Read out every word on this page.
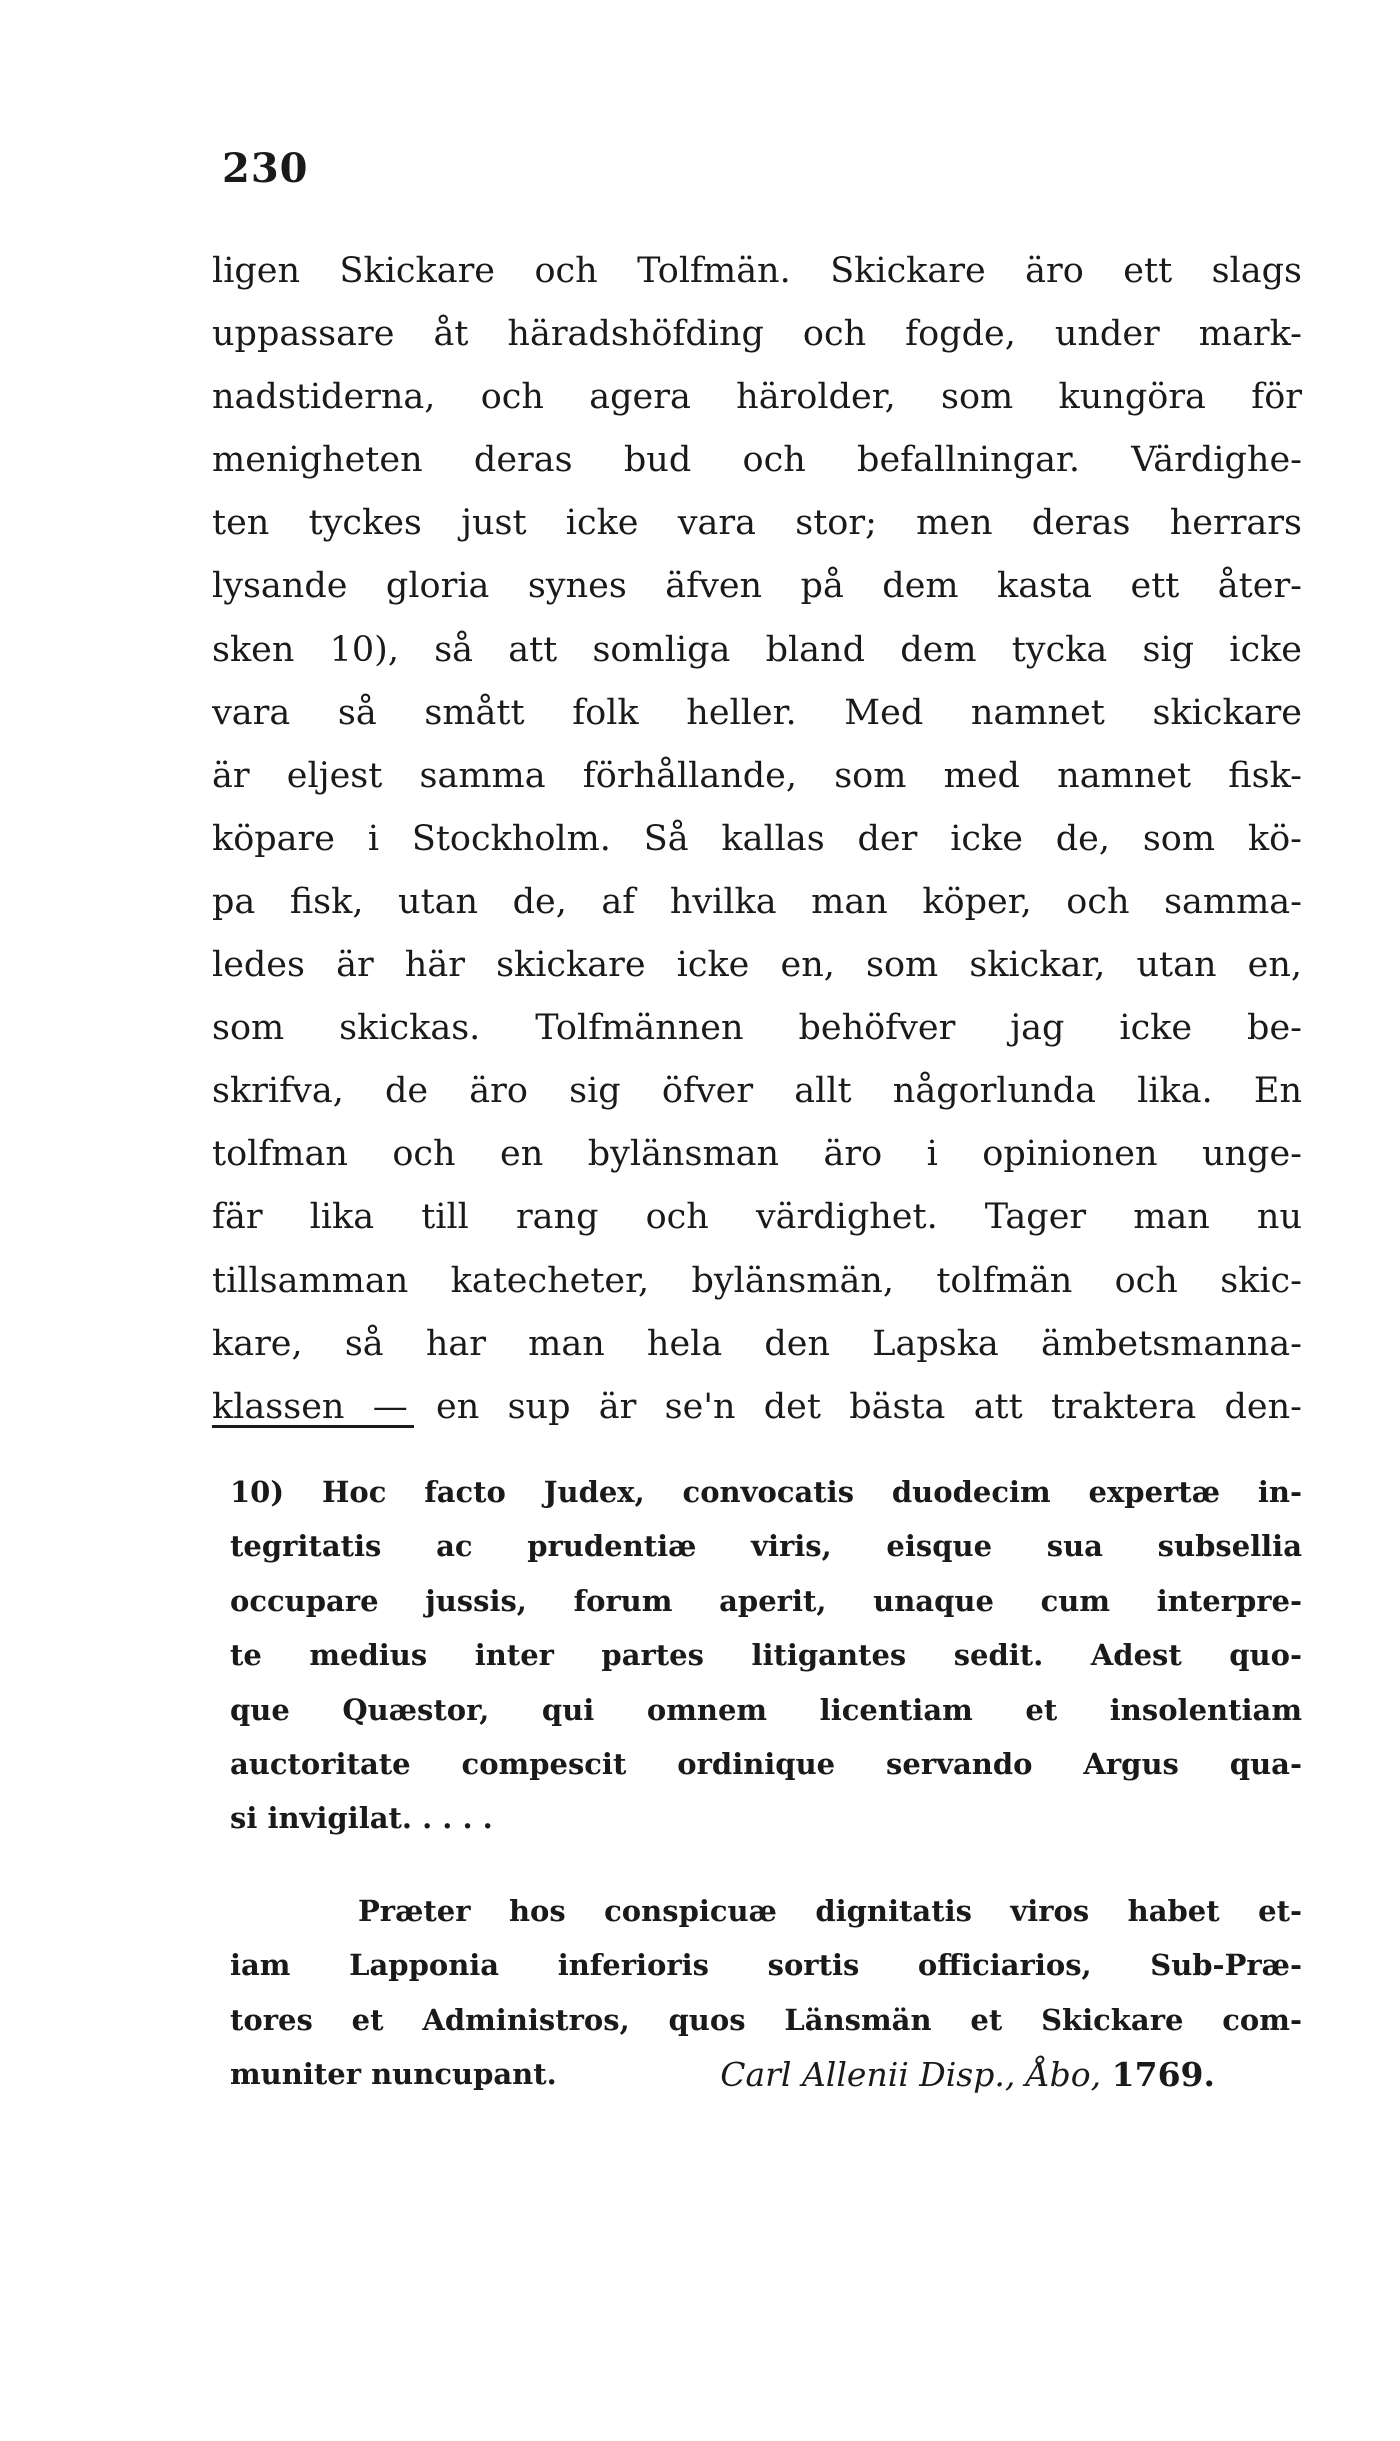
230
ligen Skickare och Tolfmän. Skickare äro ett slags
uppassare åt häradshöfding och fogde, under mark-
nadstiderna, och agera härolder, som kungöra för
menigheten deras bud och befallningar. Värdighe-
ten tyckes just icke vara stor; men deras herrars
lysande gloria synes äfven på dem kasta ett åter-
sken 10), så att somliga bland dem tycka sig icke
vara så smått folk heller. Med namnet skickare
är eljest samma förhållande, som med namnet fisk-
köpare i Stockholm. Så kallas der icke de, som kö-
pa fisk, utan de, af hvilka man köper, och samma-
ledes är här skickare icke en, som skickar, utan en,
som skickas. Tolfmännen behöfver jag icke be-
skrifva, de äro sig öfver allt någorlunda lika. En
tolfman och en bylänsman äro i opinionen unge-
fär lika till rang och värdighet. Tager man nu
tillsamman katecheter, bylänsmän, tolfmän och skic-
kare, så har man hela den Lapska ämbetsmanna-
klassen — en sup är se'n det bästa att traktera den-
10) Hoc facto Judex, convocatis duodecim expertæ in-
tegritatis ac prudentiæ viris, eisque sua subsellia
occupare jussis, forum aperit, unaque cum interpre-
te medius inter partes litigantes sedit. Adest quo-
que Quæstor, qui omnem licentiam et insolentiam
auctoritate compescit ordinique servando Argus qua-
si invigilat. . . . .
Præter hos conspicuæ dignitatis viros habet et-
iam Lapponia inferioris sortis officiarios, Sub-Præ-
tores et Administros, quos Länsmän et Skickare com-
muniter nuncupant.	Carl Allenii Disp., Åbo, 1769.
